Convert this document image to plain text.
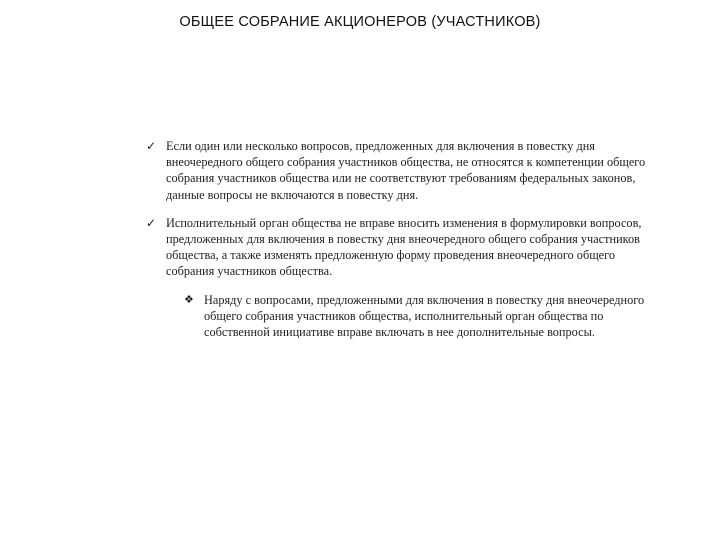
ОБЩЕЕ СОБРАНИЕ АКЦИОНЕРОВ (УЧАСТНИКОВ)
✓ Если один или несколько вопросов, предложенных для включения в повестку дня внеочередного общего собрания участников общества, не относятся к компетенции общего собрания участников общества или не соответствуют требованиям федеральных законов, данные вопросы не включаются в повестку дня.
✓ Исполнительный орган общества не вправе вносить изменения в формулировки вопросов, предложенных для включения в повестку дня внеочередного общего собрания участников общества, а также изменять предложенную форму проведения внеочередного общего собрания участников общества.
❖ Наряду с вопросами, предложенными для включения в повестку дня внеочередного общего собрания участников общества, исполнительный орган общества по собственной инициативе вправе включать в нее дополнительные вопросы.
